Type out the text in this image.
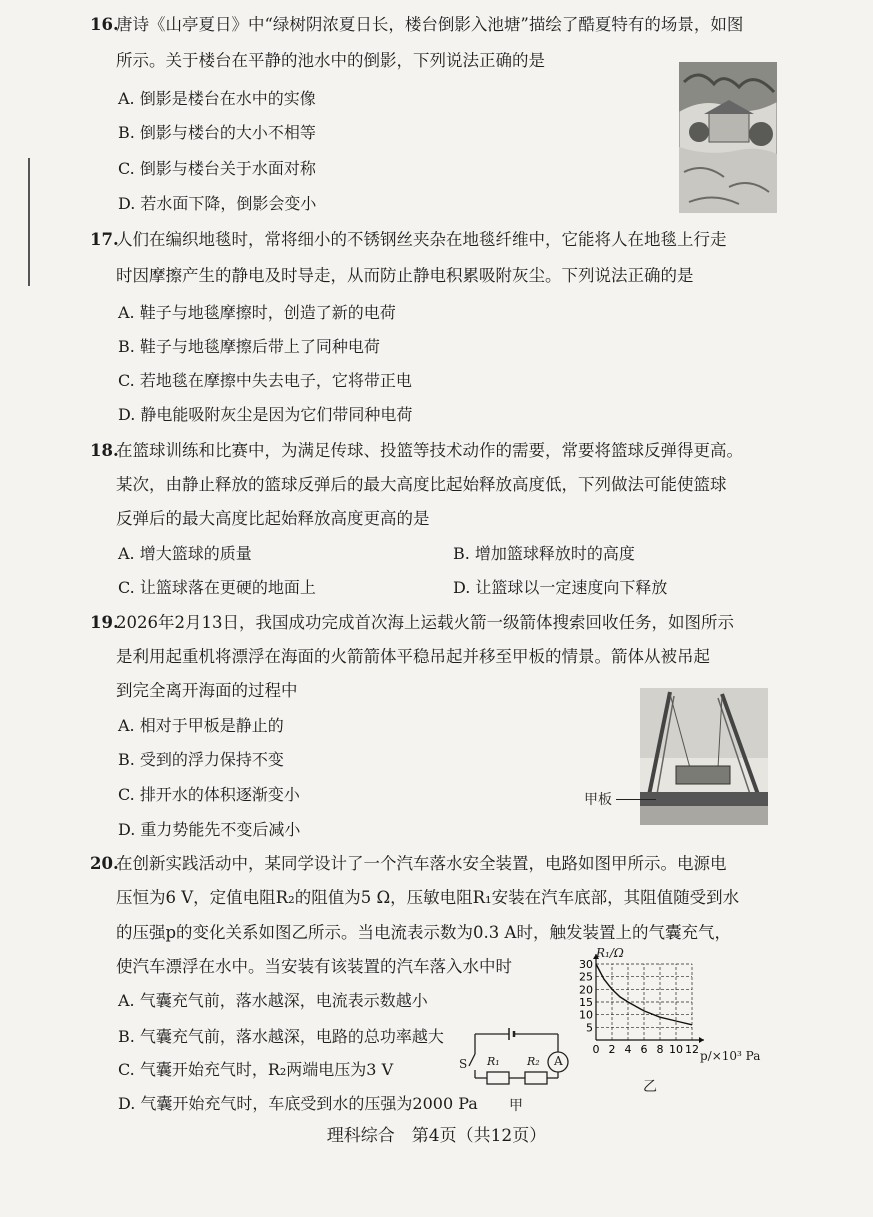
16.
唐诗《山亭夏日》中“绿树阴浓夏日长，楼台倒影入池塘”描绘了酷夏特有的场景，如图
所示。关于楼台在平静的池水中的倒影，下列说法正确的是
A. 倒影是楼台在水中的实像
B. 倒影与楼台的大小不相等
C. 倒影与楼台关于水面对称
D. 若水面下降，倒影会变小
17.
人们在编织地毯时，常将细小的不锈钢丝夹杂在地毯纤维中，它能将人在地毯上行走
时因摩擦产生的静电及时导走，从而防止静电积累吸附灰尘。下列说法正确的是
A. 鞋子与地毯摩擦时，创造了新的电荷
B. 鞋子与地毯摩擦后带上了同种电荷
C. 若地毯在摩擦中失去电子，它将带正电
D. 静电能吸附灰尘是因为它们带同种电荷
18.
在篮球训练和比赛中，为满足传球、投篮等技术动作的需要，常要将篮球反弹得更高。
某次，由静止释放的篮球反弹后的最大高度比起始释放高度低，下列做法可能使篮球
反弹后的最大高度比起始释放高度更高的是
A. 增大篮球的质量	B. 增加篮球释放时的高度
C. 让篮球落在更硬的地面上	D. 让篮球以一定速度向下释放
19.
2026年2月13日，我国成功完成首次海上运载火箭一级箭体搜索回收任务，如图所示
是利用起重机将漂浮在海面的火箭箭体平稳吊起并移至甲板的情景。箭体从被吊起
到完全离开海面的过程中
A. 相对于甲板是静止的
B. 受到的浮力保持不变
C. 排开水的体积逐渐变小
D. 重力势能先不变后减小
甲板
20.
在创新实践活动中，某同学设计了一个汽车落水安全装置，电路如图甲所示。电源电
压恒为6 V，定值电阻R₂的阻值为5 Ω，压敏电阻R₁安装在汽车底部，其阻值随受到水
的压强p的变化关系如图乙所示。当电流表示数为0.3 A时，触发装置上的气囊充气，
使汽车漂浮在水中。当安装有该装置的汽车落入水中时
A. 气囊充气前，落水越深，电流表示数越小
B. 气囊充气前，落水越深，电路的总功率越大
C. 气囊开始充气时，R₂两端电压为3 V
D. 气囊开始充气时，车底受到水的压强为2000 Pa
S R₁ R₂ A
甲
0 2 4 6 8 10 12
5
10
15
20
25
30
R₁/Ω
p/×10³ Pa
乙
理科综合　第4页（共12页）
